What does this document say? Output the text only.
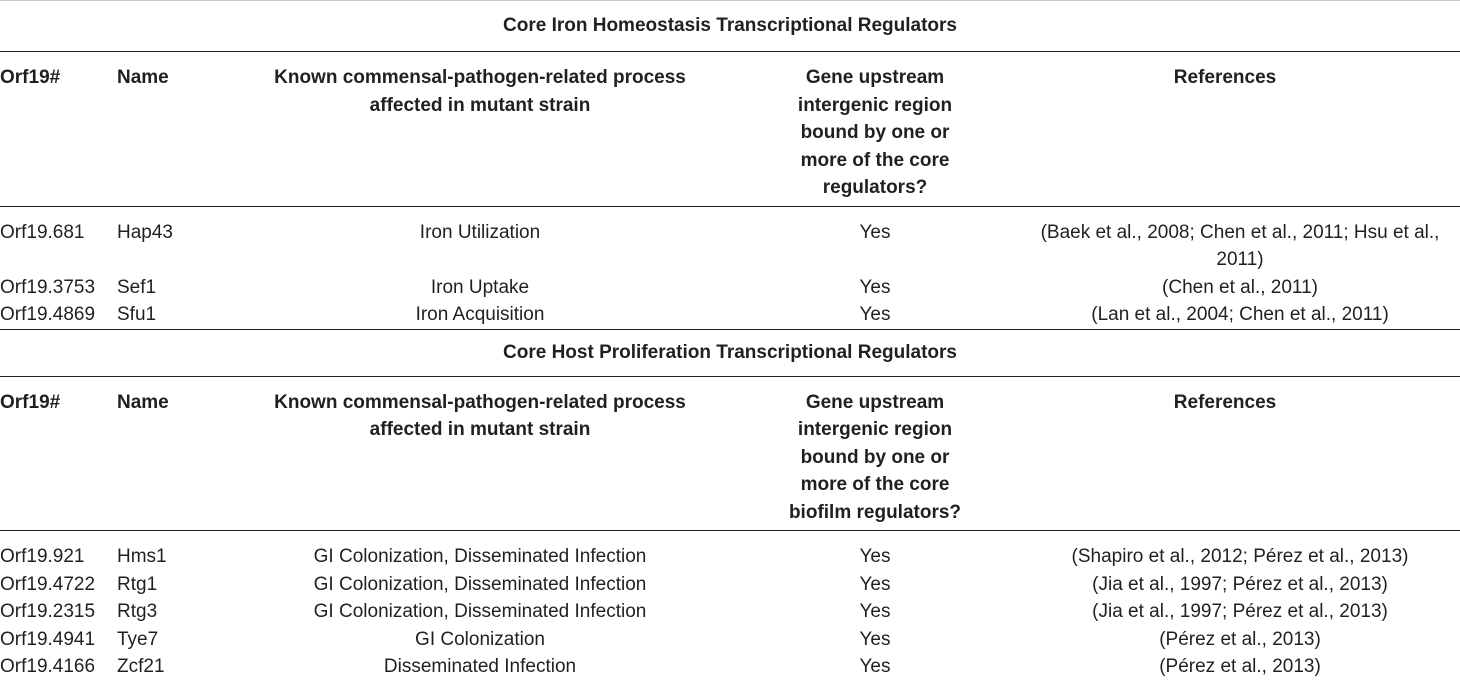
Core Iron Homeostasis Transcriptional Regulators				
Orf19#	Name	Known commensal-pathogen-related process affected in mutant strain	Gene upstream intergenic region bound by one or more of the core regulators?	References
Orf19.681	Hap43	Iron Utilization	Yes	(Baek et al., 2008; Chen et al., 2011; Hsu et al., 2011)
Orf19.3753	Sef1	Iron Uptake	Yes	(Chen et al., 2011)
Orf19.4869	Sfu1	Iron Acquisition	Yes	(Lan et al., 2004; Chen et al., 2011)
Core Host Proliferation Transcriptional Regulators				
Orf19#	Name	Known commensal-pathogen-related process affected in mutant strain	Gene upstream intergenic region bound by one or more of the core biofilm regulators?	References
Orf19.921	Hms1	GI Colonization, Disseminated Infection	Yes	(Shapiro et al., 2012; Pérez et al., 2013)
Orf19.4722	Rtg1	GI Colonization, Disseminated Infection	Yes	(Jia et al., 1997; Pérez et al., 2013)
Orf19.2315	Rtg3	GI Colonization, Disseminated Infection	Yes	(Jia et al., 1997; Pérez et al., 2013)
Orf19.4941	Tye7	GI Colonization	Yes	(Pérez et al., 2013)
Orf19.4166	Zcf21	Disseminated Infection	Yes	(Pérez et al., 2013)
